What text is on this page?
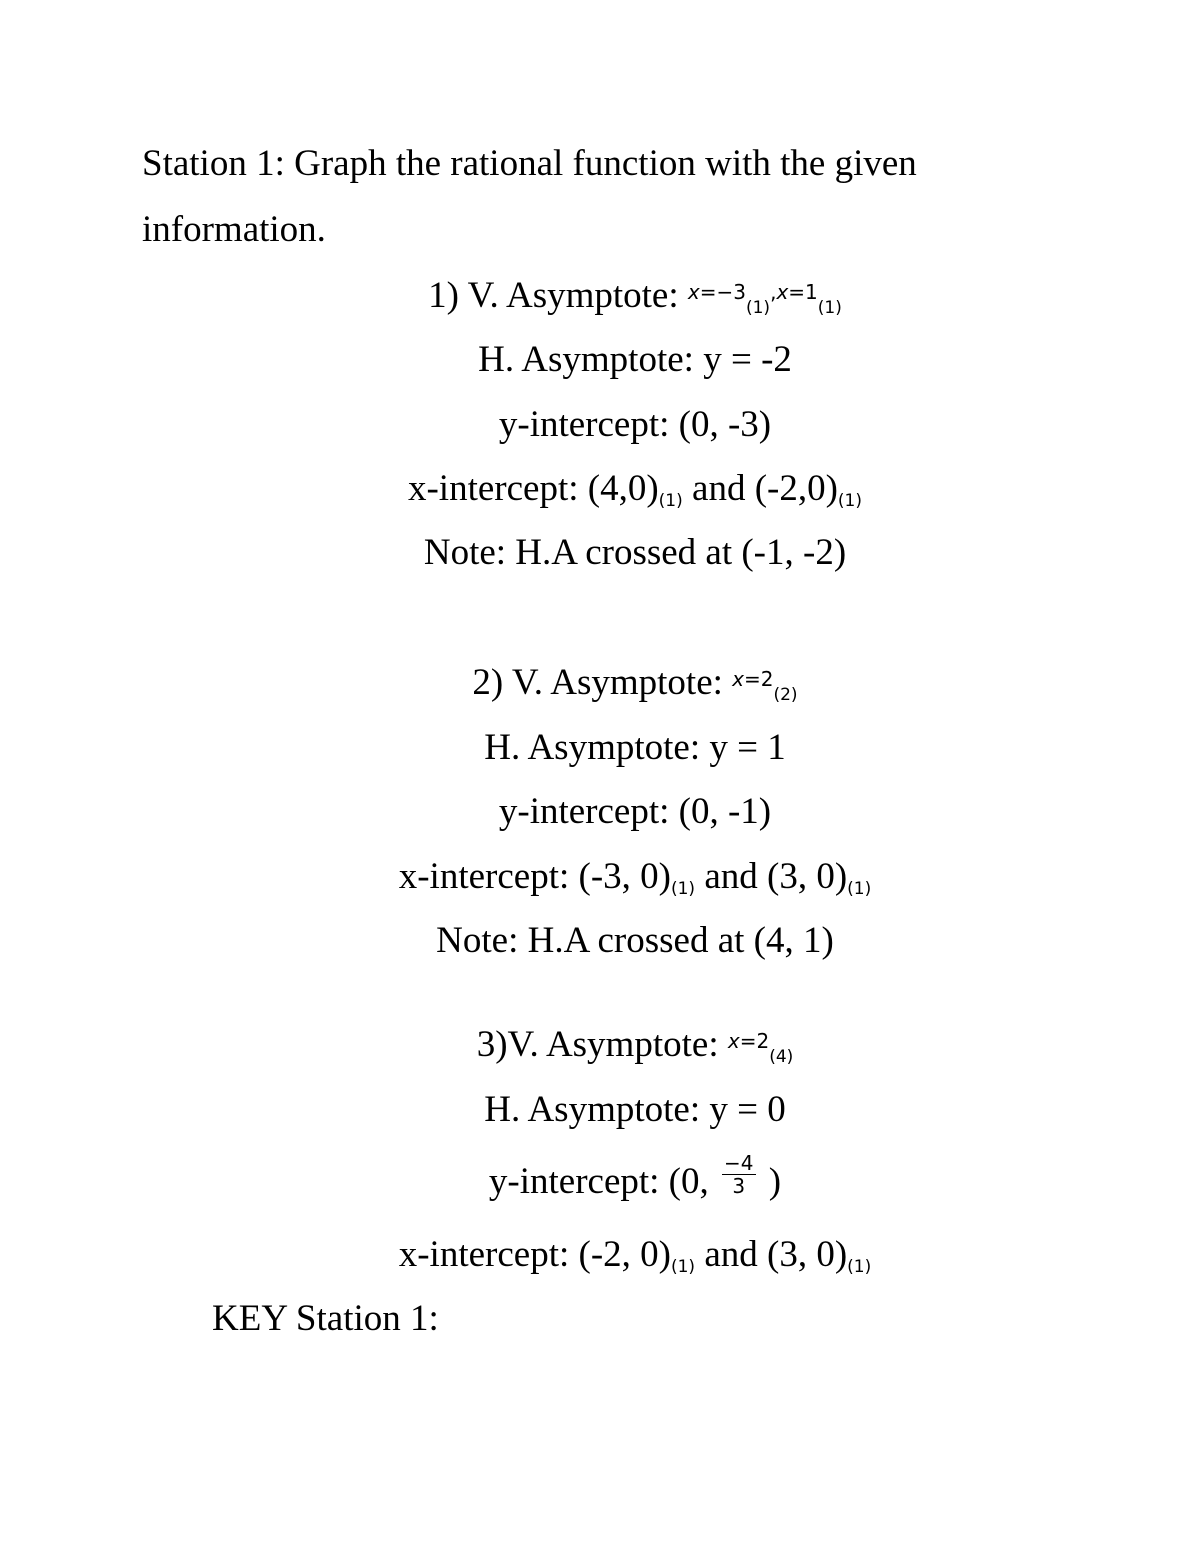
Station 1: Graph the rational function with the given
information.
1) V. Asymptote: $^{x=-3}(1)^{,x=1}(1)$
H. Asymptote: y = -2
y-intercept: (0, -3)
x-intercept: (4,0)(1) and (-2,0)(1)
Note: H.A crossed at (-1, -2)
2) V. Asymptote: $^{x=2}$(2)
H. Asymptote: y = 1
y-intercept: (0, -1)
x-intercept: (-3, 0)(1) and (3, 0)(1)
Note: H.A crossed at (4, 1)
3)V. Asymptote: $^{x=2}$(4)
H. Asymptote: y = 0
y-intercept: (0, $\frac{-4}{3}$ )
x-intercept: (-2, 0)(1) and (3, 0)(1)
KEY Station 1:
